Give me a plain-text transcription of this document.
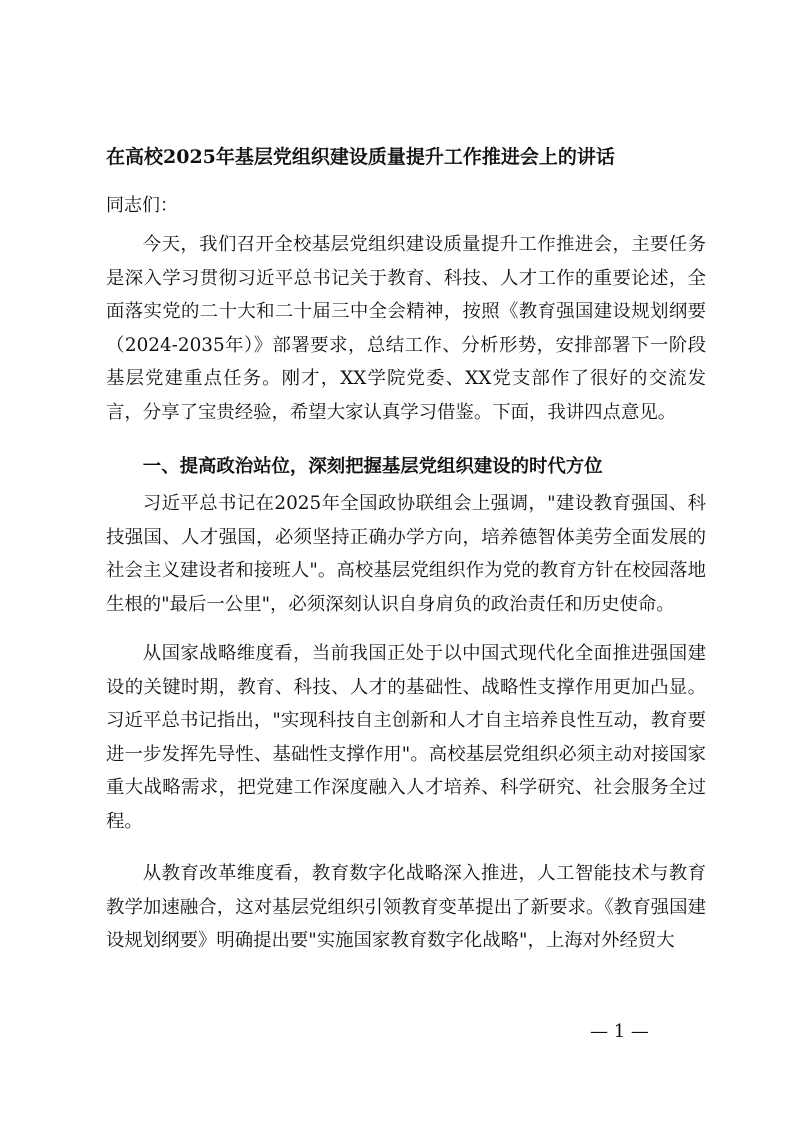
在高校2025年基层党组织建设质量提升工作推进会上的讲话
同志们：
今天，我们召开全校基层党组织建设质量提升工作推进会，主要任务是深入学习贯彻习近平总书记关于教育、科技、人才工作的重要论述，全面落实党的二十大和二十届三中全会精神，按照《教育强国建设规划纲要（2024-2035年）》部署要求，总结工作、分析形势，安排部署下一阶段基层党建重点任务。刚才，XX学院党委、XX党支部作了很好的交流发言，分享了宝贵经验，希望大家认真学习借鉴。下面，我讲四点意见。
一、提高政治站位，深刻把握基层党组织建设的时代方位
习近平总书记在2025年全国政协联组会上强调，"建设教育强国、科技强国、人才强国，必须坚持正确办学方向，培养德智体美劳全面发展的社会主义建设者和接班人"。高校基层党组织作为党的教育方针在校园落地生根的"最后一公里"，必须深刻认识自身肩负的政治责任和历史使命。
从国家战略维度看，当前我国正处于以中国式现代化全面推进强国建设的关键时期，教育、科技、人才的基础性、战略性支撑作用更加凸显。习近平总书记指出，"实现科技自主创新和人才自主培养良性互动，教育要进一步发挥先导性、基础性支撑作用"。高校基层党组织必须主动对接国家重大战略需求，把党建工作深度融入人才培养、科学研究、社会服务全过程。
从教育改革维度看，教育数字化战略深入推进，人工智能技术与教育教学加速融合，这对基层党组织引领教育变革提出了新要求。《教育强国建设规划纲要》明确提出要"实施国家教育数字化战略"，上海对外经贸大
— 1 —
